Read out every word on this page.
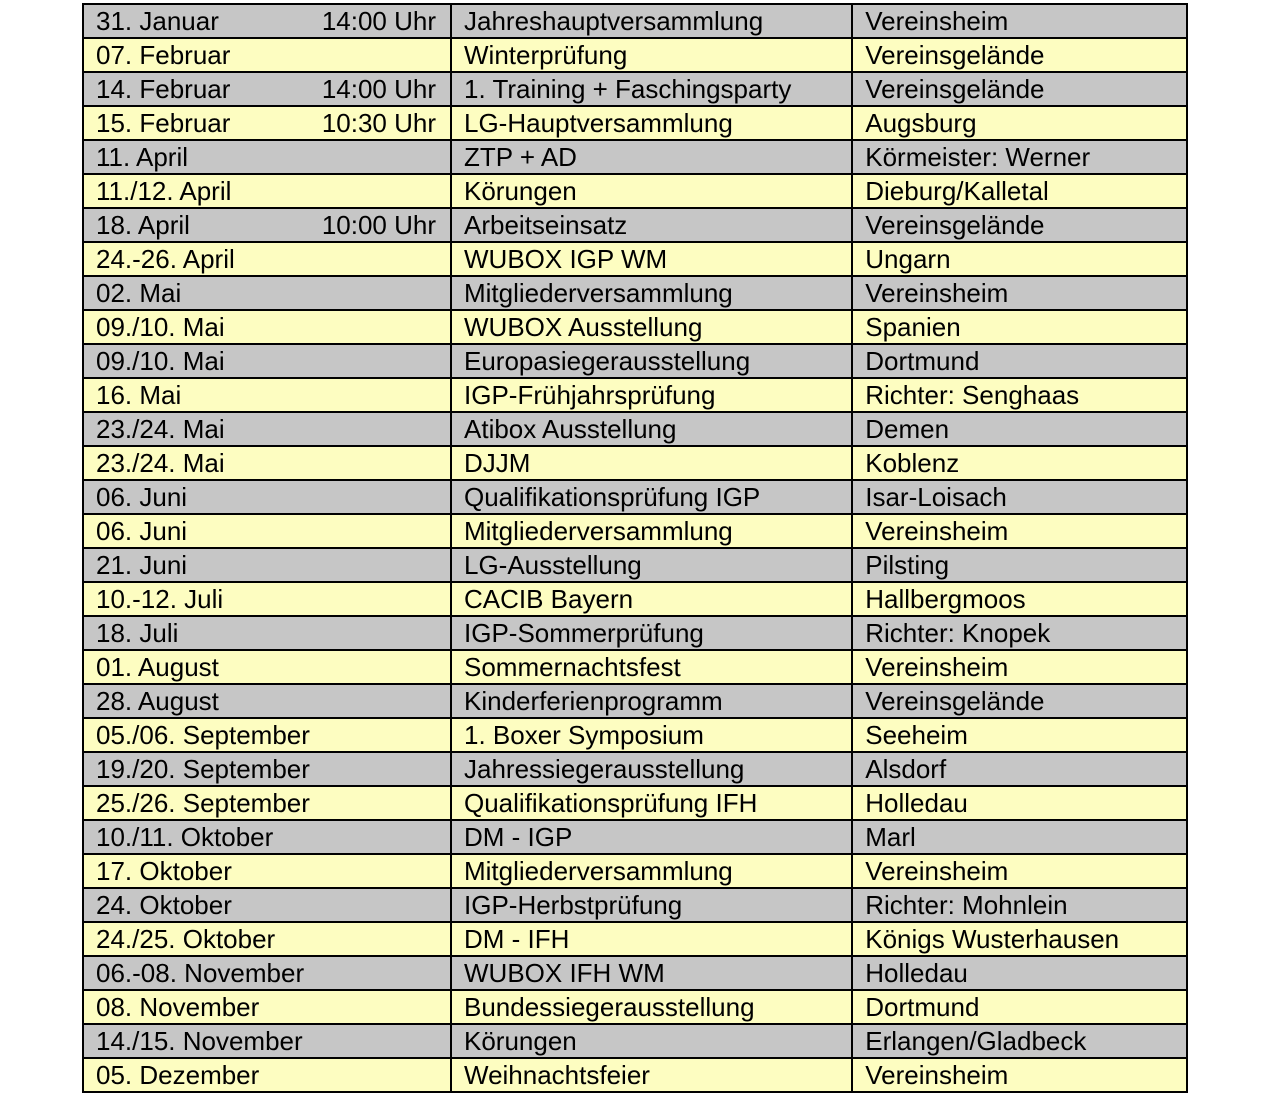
31. Januar 14:00 Uhr	Jahreshauptversammlung	Vereinsheim
07. Februar	Winterprüfung	Vereinsgelände
14. Februar 14:00 Uhr	1. Training + Faschingsparty	Vereinsgelände
15. Februar 10:30 Uhr	LG-Hauptversammlung	Augsburg
11. April	ZTP + AD	Körmeister: Werner
11./12. April	Körungen	Dieburg/Kalletal
18. April 10:00 Uhr	Arbeitseinsatz	Vereinsgelände
24.-26. April	WUBOX IGP WM	Ungarn
02. Mai	Mitgliederversammlung	Vereinsheim
09./10. Mai	WUBOX Ausstellung	Spanien
09./10. Mai	Europasiegerausstellung	Dortmund
16. Mai	IGP-Frühjahrsprüfung	Richter: Senghaas
23./24. Mai	Atibox Ausstellung	Demen
23./24. Mai	DJJM	Koblenz
06. Juni	Qualifikationsprüfung IGP	Isar-Loisach
06. Juni	Mitgliederversammlung	Vereinsheim
21. Juni	LG-Ausstellung	Pilsting
10.-12. Juli	CACIB Bayern	Hallbergmoos
18. Juli	IGP-Sommerprüfung	Richter: Knopek
01. August	Sommernachtsfest	Vereinsheim
28. August	Kinderferienprogramm	Vereinsgelände
05./06. September	1. Boxer Symposium	Seeheim
19./20. September	Jahressiegerausstellung	Alsdorf
25./26. September	Qualifikationsprüfung IFH	Holledau
10./11. Oktober	DM - IGP	Marl
17. Oktober	Mitgliederversammlung	Vereinsheim
24. Oktober	IGP-Herbstprüfung	Richter: Mohnlein
24./25. Oktober	DM - IFH	Königs Wusterhausen
06.-08. November	WUBOX IFH WM	Holledau
08. November	Bundessiegerausstellung	Dortmund
14./15. November	Körungen	Erlangen/Gladbeck
05. Dezember	Weihnachtsfeier	Vereinsheim
